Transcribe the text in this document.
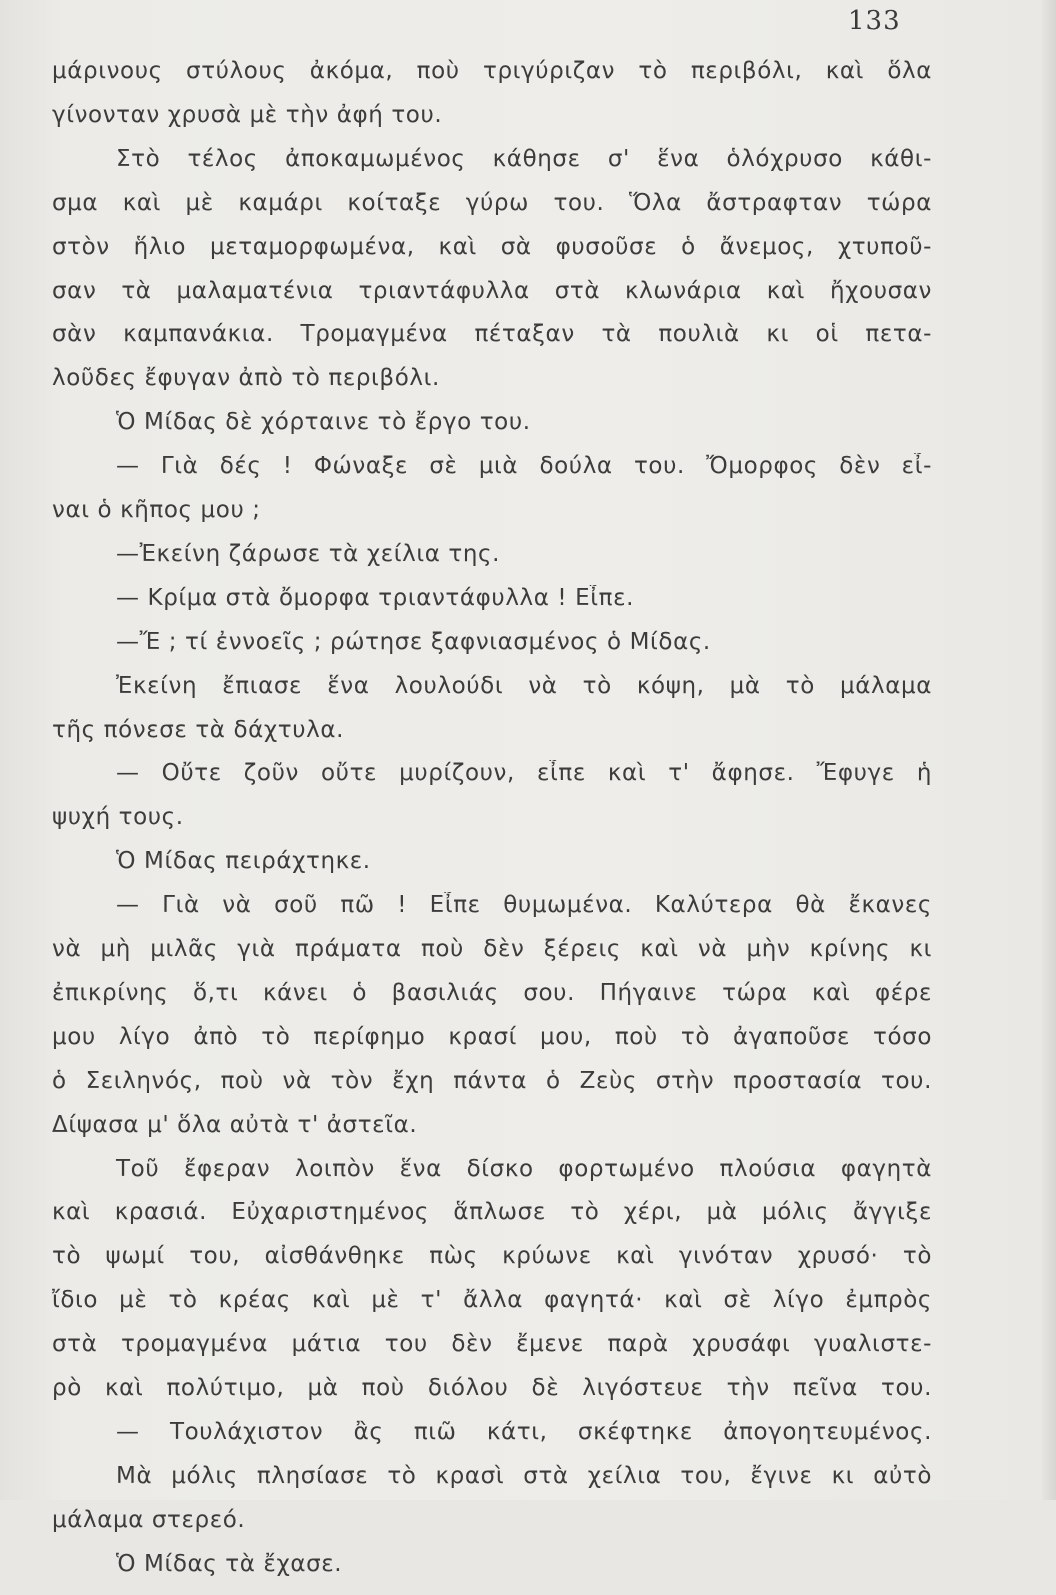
133
μάρινους στύλους ἀκόμα, ποὺ τριγύριζαν τὸ περιβόλι, καὶ ὅλα
γίνονταν χρυσὰ μὲ τὴν ἀφή του.
Στὸ τέλος ἀποκαμωμένος κάθησε σ' ἕνα ὁλόχρυσο κάθι-
σμα καὶ μὲ καμάρι κοίταξε γύρω του. Ὅλα ἄστραφταν τώρα
στὸν ἥλιο μεταμορφωμένα, καὶ σὰ φυσοῦσε ὁ ἄνεμος, χτυποῦ-
σαν τὰ μαλαματένια τριαντάφυλλα στὰ κλωνάρια καὶ ἤχουσαν
σὰν καμπανάκια. Τρομαγμένα πέταξαν τὰ πουλιὰ κι οἱ πετα-
λοῦδες ἔφυγαν ἀπὸ τὸ περιβόλι.
Ὁ Μίδας δὲ χόρταινε τὸ ἔργο του.
— Γιὰ δές ! Φώναξε σὲ μιὰ δούλα του. Ὄμορφος δὲν εἶ-
ναι ὁ κῆπος μου ;
—Ἐκείνη ζάρωσε τὰ χείλια της.
— Κρίμα στὰ ὄμορφα τριαντάφυλλα ! Εἶπε.
—Ἔ ; τί ἐννοεῖς ; ρώτησε ξαφνιασμένος ὁ Μίδας.
Ἐκείνη ἔπιασε ἕνα λουλούδι νὰ τὸ κόψη, μὰ τὸ μάλαμα
τῆς πόνεσε τὰ δάχτυλα.
— Οὔτε ζοῦν οὔτε μυρίζουν, εἶπε καὶ τ' ἄφησε. Ἔφυγε ἡ
ψυχή τους.
Ὁ Μίδας πειράχτηκε.
— Γιὰ νὰ σοῦ πῶ ! Εἶπε θυμωμένα. Καλύτερα θὰ ἔκανες
νὰ μὴ μιλᾶς γιὰ πράματα ποὺ δὲν ξέρεις καὶ νὰ μὴν κρίνης κι
ἐπικρίνης ὅ,τι κάνει ὁ βασιλιάς σου. Πήγαινε τώρα καὶ φέρε
μου λίγο ἀπὸ τὸ περίφημο κρασί μου, ποὺ τὸ ἀγαποῦσε τόσο
ὁ Σειληνός, ποὺ νὰ τὸν ἔχη πάντα ὁ Ζεὺς στὴν προστασία του.
Δίψασα μ' ὅλα αὐτὰ τ' ἀστεῖα.
Τοῦ ἔφεραν λοιπὸν ἕνα δίσκο φορτωμένο πλούσια φαγητὰ
καὶ κρασιά. Εὐχαριστημένος ἅπλωσε τὸ χέρι, μὰ μόλις ἄγγιξε
τὸ ψωμί του, αἰσθάνθηκε πὼς κρύωνε καὶ γινόταν χρυσό· τὸ
ἴδιο μὲ τὸ κρέας καὶ μὲ τ' ἄλλα φαγητά· καὶ σὲ λίγο ἐμπρὸς
στὰ τρομαγμένα μάτια του δὲν ἔμενε παρὰ χρυσάφι γυαλιστε-
ρὸ καὶ πολύτιμο, μὰ ποὺ διόλου δὲ λιγόστευε τὴν πεῖνα του.
— Τουλάχιστον ἂς πιῶ κάτι, σκέφτηκε ἀπογοητευμένος.
Μὰ μόλις πλησίασε τὸ κρασὶ στὰ χείλια του, ἔγινε κι αὐτὸ
μάλαμα στερεό.
Ὁ Μίδας τὰ ἔχασε.
